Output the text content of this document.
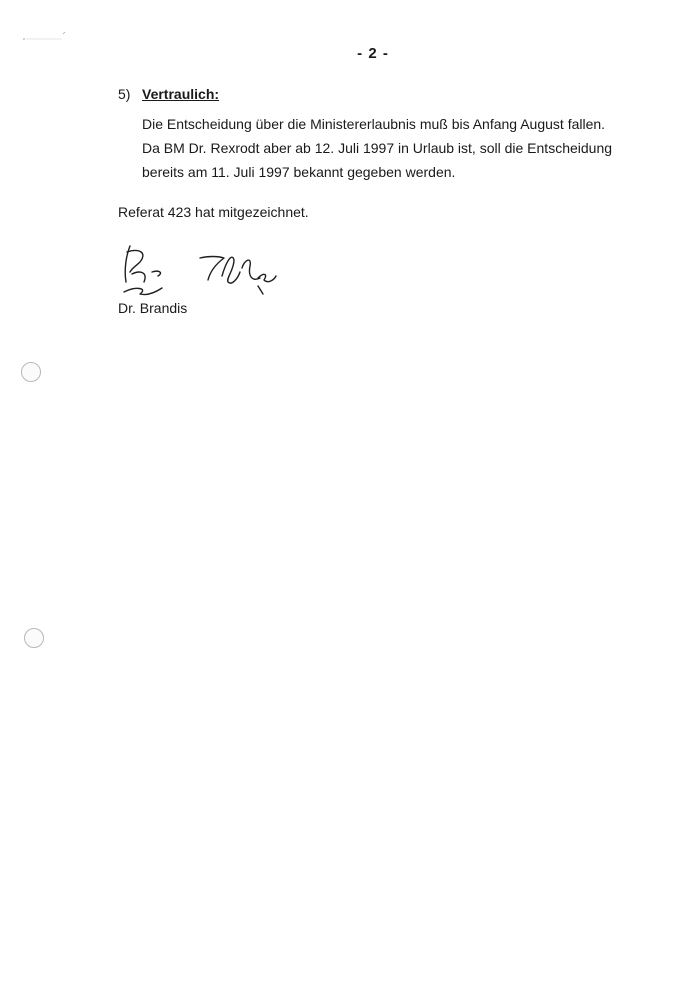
- 2 -
5) Vertraulich:
Die Entscheidung über die Ministererlaubnis muß bis Anfang August fallen.
Da BM Dr. Rexrodt aber ab 12. Juli 1997 in Urlaub ist, soll die Entscheidung
bereits am 11. Juli 1997 bekannt gegeben werden.
Referat 423 hat mitgezeichnet.
Dr. Brandis
